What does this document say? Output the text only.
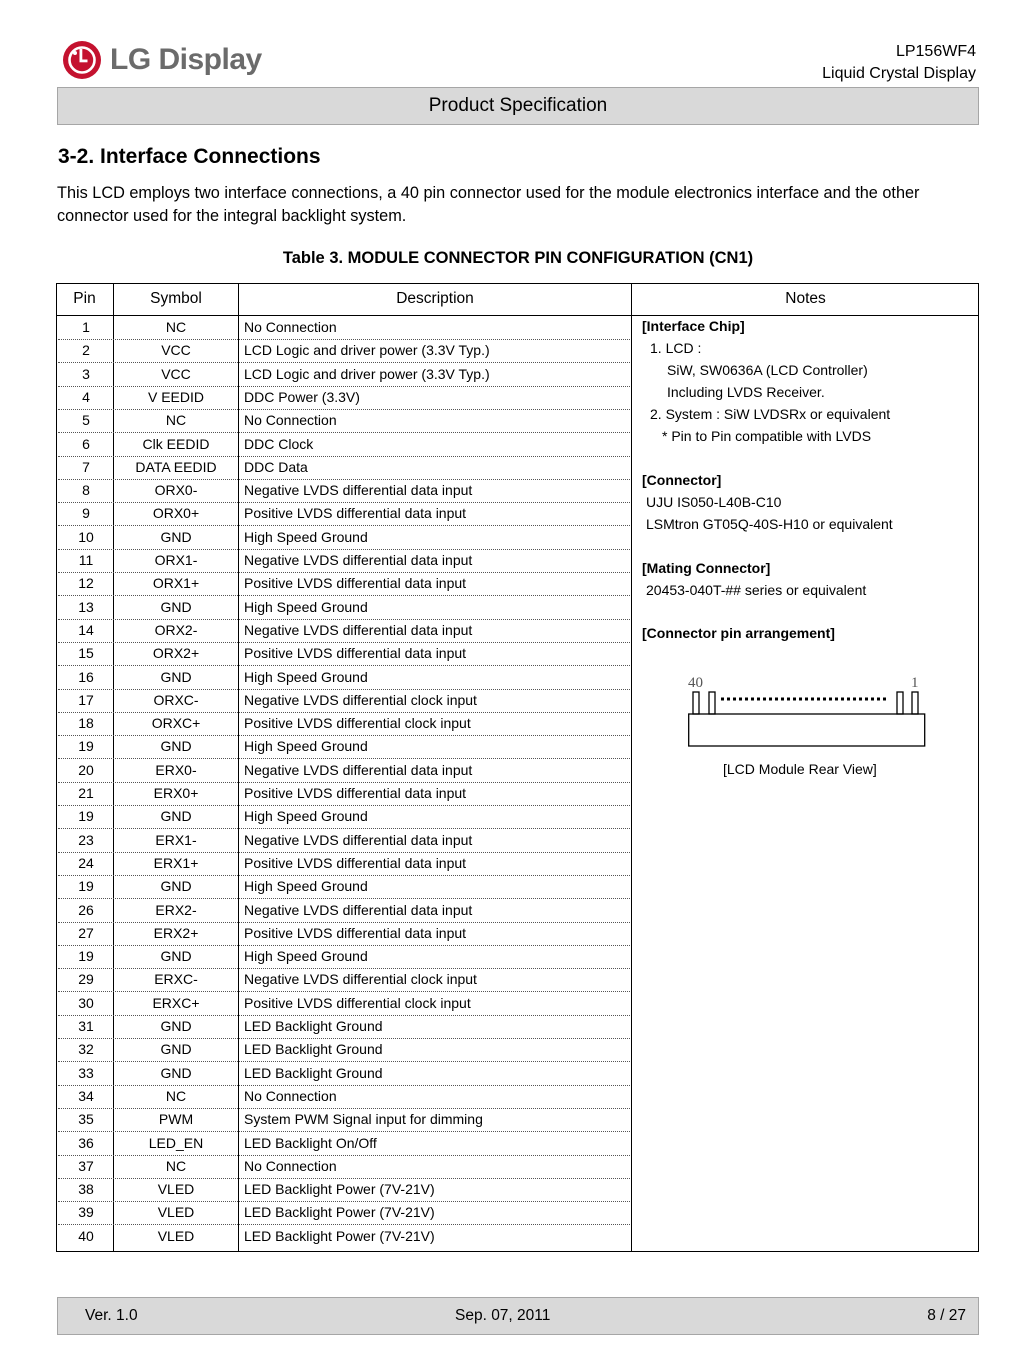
LG Display	LP156WF4
Liquid Crystal Display
Product Specification
3-2. Interface Connections
This LCD employs two interface connections, a 40 pin connector used for the module electronics interface and the other connector used for the integral backlight system.
Table 3. MODULE CONNECTOR PIN CONFIGURATION (CN1)
Pin	Symbol	Description	Notes
1	NC	No Connection
2	VCC	LCD Logic and driver power (3.3V Typ.)
3	VCC	LCD Logic and driver power (3.3V Typ.)
4	V EEDID	DDC Power (3.3V)
5	NC	No Connection
6	Clk EEDID	DDC Clock
7	DATA EEDID	DDC Data
8	ORX0-	Negative LVDS differential data input
9	ORX0+	Positive LVDS differential data input
10	GND	High Speed Ground
11	ORX1-	Negative LVDS differential data input
12	ORX1+	Positive LVDS differential data input
13	GND	High Speed Ground
14	ORX2-	Negative LVDS differential data input
15	ORX2+	Positive LVDS differential data input
16	GND	High Speed Ground
17	ORXC-	Negative LVDS differential clock input
18	ORXC+	Positive LVDS differential clock input
19	GND	High Speed Ground
20	ERX0-	Negative LVDS differential data input
21	ERX0+	Positive LVDS differential data input
19	GND	High Speed Ground
23	ERX1-	Negative LVDS differential data input
24	ERX1+	Positive LVDS differential data input
19	GND	High Speed Ground
26	ERX2-	Negative LVDS differential data input
27	ERX2+	Positive LVDS differential data input
19	GND	High Speed Ground
29	ERXC-	Negative LVDS differential clock input
30	ERXC+	Positive LVDS differential clock input
31	GND	LED Backlight Ground
32	GND	LED Backlight Ground
33	GND	LED Backlight Ground
34	NC	No Connection
35	PWM	System PWM Signal input for dimming
36	LED_EN	LED Backlight On/Off
37	NC	No Connection
38	VLED	LED Backlight Power (7V-21V)
39	VLED	LED Backlight Power (7V-21V)
40	VLED	LED Backlight Power (7V-21V)
[Interface Chip]
1. LCD :
SiW, SW0636A (LCD Controller)
Including LVDS Receiver.
2. System : SiW LVDSRx or equivalent
* Pin to Pin compatible with LVDS
[Connector]
UJU IS050-L40B-C10
LSMtron GT05Q-40S-H10 or equivalent
[Mating Connector]
20453-040T-## series or equivalent
[Connector pin arrangement]
[LCD Module Rear View]
40	1
Ver. 1.0	Sep. 07, 2011	8 / 27
